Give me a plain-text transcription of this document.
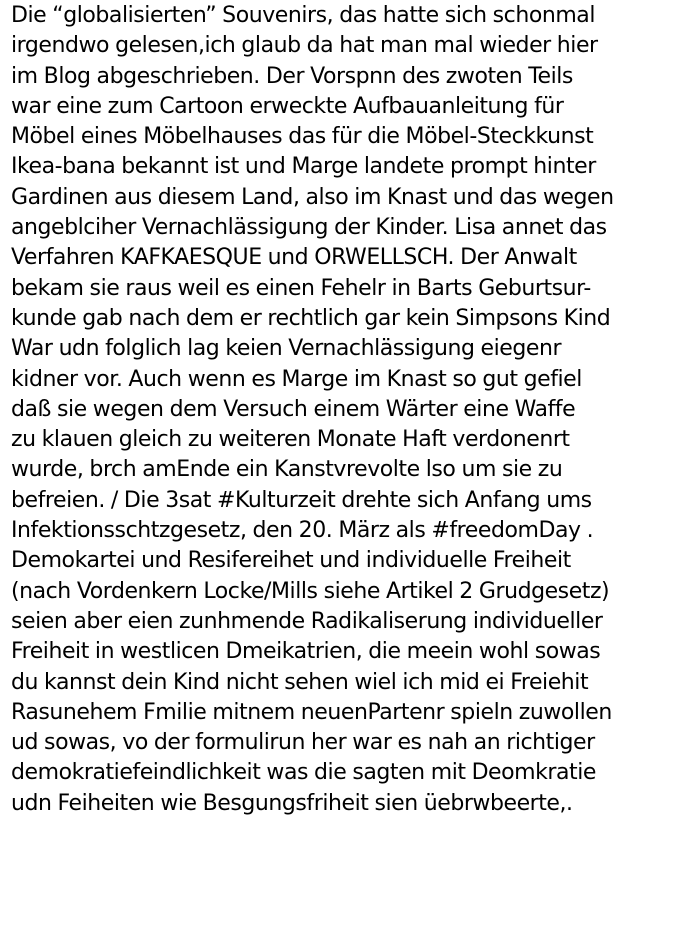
Die “globalisierten” Souvenirs, das hatte sich schonmal
irgendwo gelesen,ich glaub da hat man mal wieder hier
im Blog abgeschrieben. Der Vorspnn des zwoten Teils
war eine zum Cartoon erweckte Aufbauanleitung für
Möbel eines Möbelhauses das für die Möbel-Steckkunst
Ikea-bana bekannt ist und Marge landete prompt hinter
Gardinen aus diesem Land, also im Knast und das wegen
angeblciher Vernachlässigung der Kinder. Lisa annet das
Verfahren KAFKAESQUE und ORWELLSCH. Der Anwalt
bekam sie raus weil es einen Fehelr in Barts Geburtsur-
kunde gab nach dem er rechtlich gar kein Simpsons Kind
War udn folglich lag keien Vernachlässigung eiegenr
kidner vor. Auch wenn es Marge im Knast so gut gefiel
daß sie wegen dem Versuch einem Wärter eine Waffe
zu klauen gleich zu weiteren Monate Haft verdonenrt
wurde, brch amEnde ein Kanstvrevolte lso um sie zu
befreien. / Die 3sat #Kulturzeit drehte sich Anfang ums
Infektionsschtzgesetz, den 20. März als #freedomDay .
Demokartei und Resifereihet und individuelle Freiheit
(nach Vordenkern Locke/Mills siehe Artikel 2 Grudgesetz)
seien aber eien zunhmende Radikaliserung individueller
Freiheit in westlicen Dmeikatrien, die meein wohl sowas
du kannst dein Kind nicht sehen wiel ich mid ei Freiehit
Rasunehem Fmilie mitnem neuenPartenr spieln zuwollen
ud sowas, vo der formulirun her war es nah an richtiger
demokratiefeindlichkeit was die sagten mit Deomkratie
udn Feiheiten wie Besgungsfriheit sien üebrwbeerte,.
